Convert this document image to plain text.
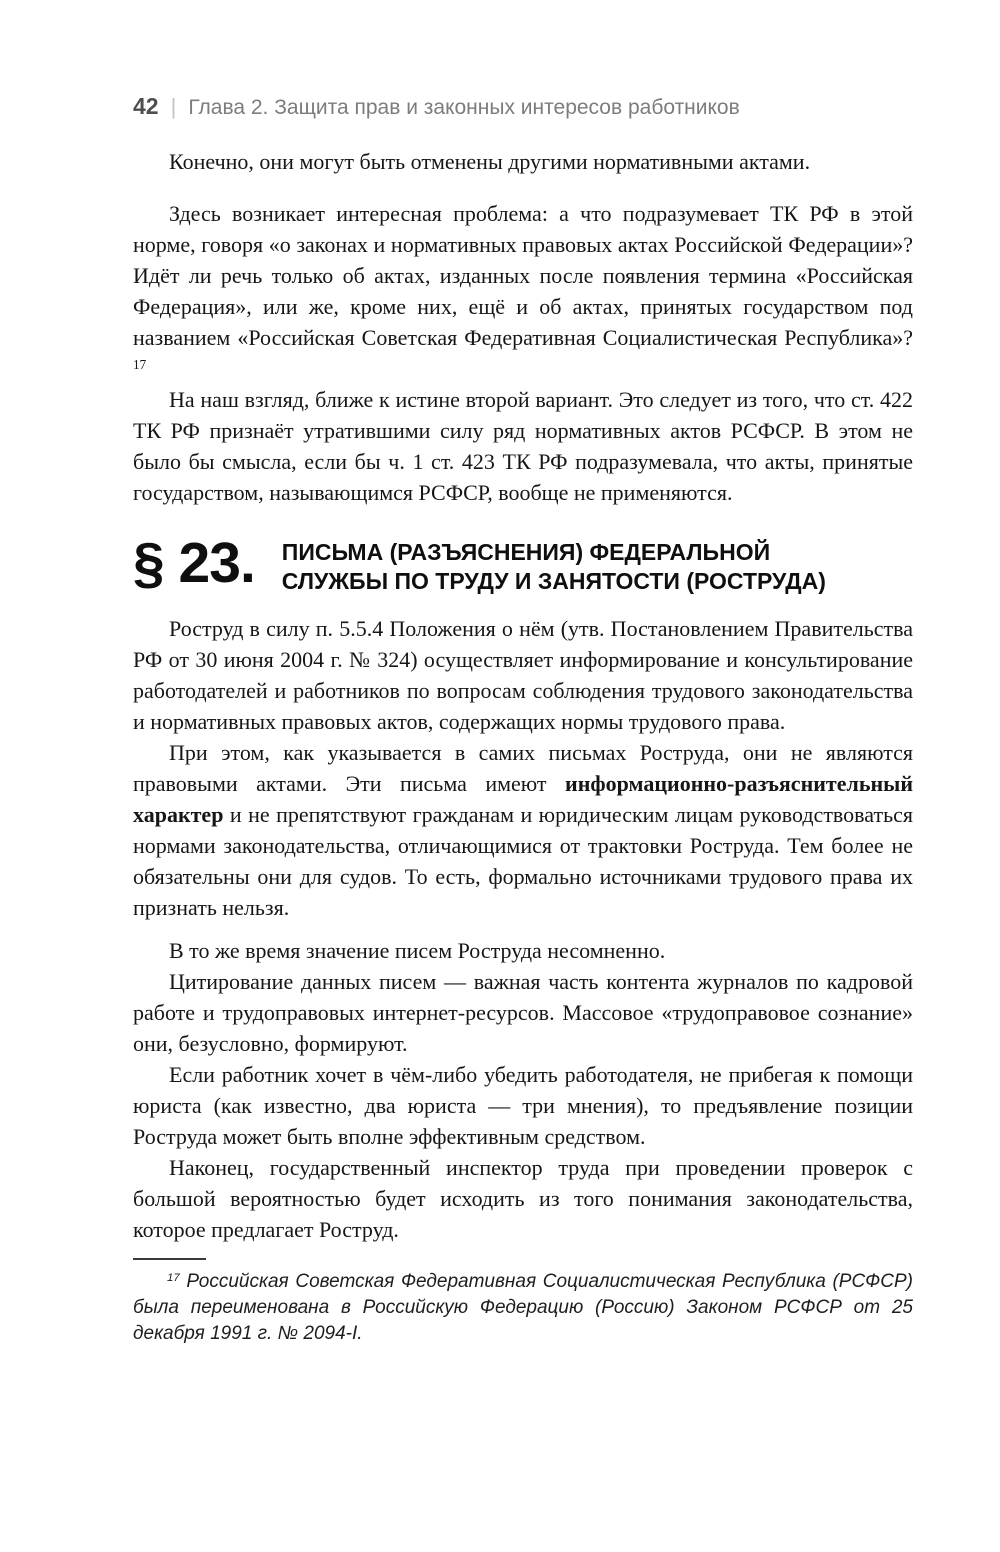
42 | Глава 2. Защита прав и законных интересов работников

Конечно, они могут быть отменены другими нормативными актами.

Здесь возникает интересная проблема: а что подразумевает ТК РФ в этой норме, говоря «о законах и нормативных правовых актах Российской Федерации»? Идёт ли речь только об актах, изданных после появления термина «Российская Федерация», или же, кроме них, ещё и об актах, принятых государством под названием «Российская Советская Федеративная Социалистическая Республика»?$^{17}$

На наш взгляд, ближе к истине второй вариант. Это следует из того, что ст. 422 ТК РФ признаёт утратившими силу ряд нормативных актов РСФСР. В этом не было бы смысла, если бы ч. 1 ст. 423 ТК РФ подразумевала, что акты, принятые государством, называющимся РСФСР, вообще не применяются.

§ 23. ПИСЬМА (РАЗЪЯСНЕНИЯ) ФЕДЕРАЛЬНОЙ СЛУЖБЫ ПО ТРУДУ И ЗАНЯТОСТИ (РОСТРУДА)

Роструд в силу п. 5.5.4 Положения о нём (утв. Постановлением Правительства РФ от 30 июня 2004 г. № 324) осуществляет информирование и консультирование работодателей и работников по вопросам соблюдения трудового законодательства и нормативных правовых актов, содержащих нормы трудового права.

При этом, как указывается в самих письмах Роструда, они не являются правовыми актами. Эти письма имеют информационно-разъяснительный характер и не препятствуют гражданам и юридическим лицам руководствоваться нормами законодательства, отличающимися от трактовки Роструда. Тем более не обязательны они для судов. То есть, формально источниками трудового права их признать нельзя.

В то же время значение писем Роструда несомненно.

Цитирование данных писем — важная часть контента журналов по кадровой работе и трудоправовых интернет-ресурсов. Массовое «трудоправовое сознание» они, безусловно, формируют.

Если работник хочет в чём-либо убедить работодателя, не прибегая к помощи юриста (как известно, два юриста — три мнения), то предъявление позиции Роструда может быть вполне эффективным средством.

Наконец, государственный инспектор труда при проведении проверок с большой вероятностью будет исходить из того понимания законодательства, которое предлагает Роструд.

$^{17}$ Российская Советская Федеративная Социалистическая Республика (РСФСР) была переименована в Российскую Федерацию (Россию) Законом РСФСР от 25 декабря 1991 г. № 2094-I.
